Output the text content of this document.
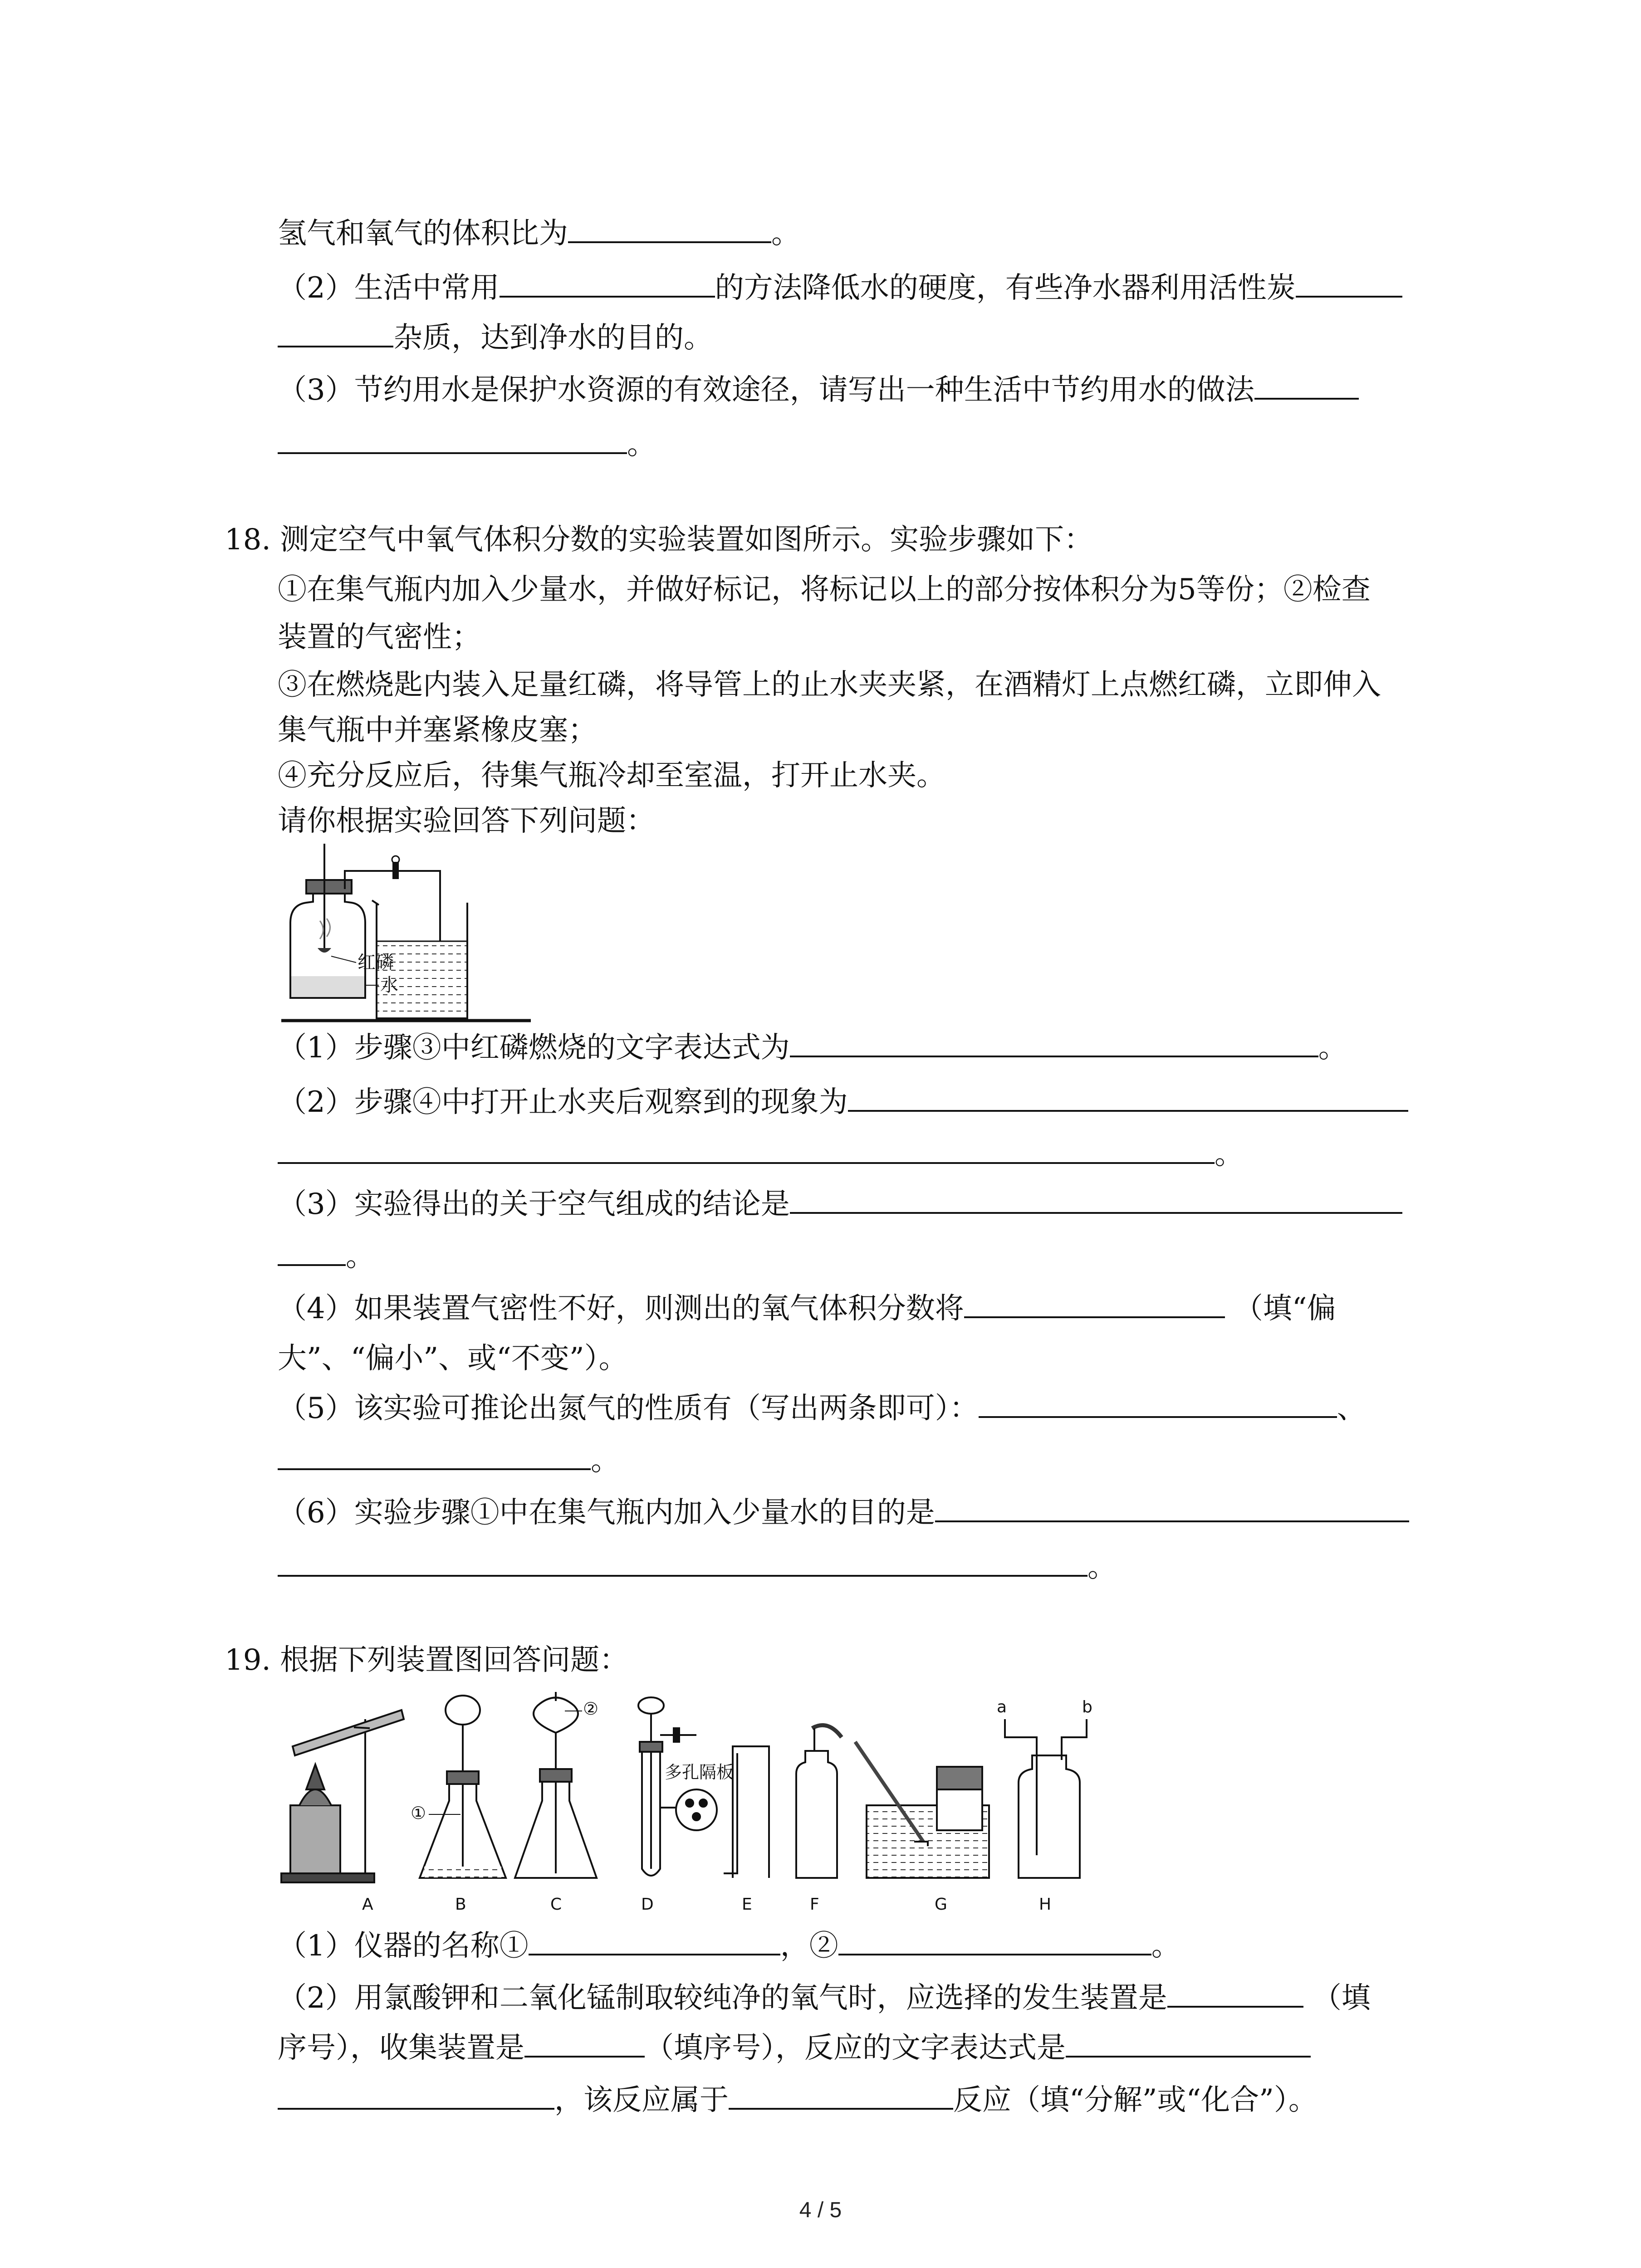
氢气和氧气的体积比为	。
（2）生活中常用	的方法降低水的硬度，有些净水器利用活性炭
杂质，达到净水的目的。
（3）节约用水是保护水资源的有效途径，请写出一种生活中节约用水的做法
。
18. 测定空气中氧气体积分数的实验装置如图所示。实验步骤如下：
①在集气瓶内加入少量水，并做好标记，将标记以上的部分按体积分为5等份；②检查
装置的气密性；
③在燃烧匙内装入足量红磷，将导管上的止水夹夹紧，在酒精灯上点燃红磷，立即伸入
集气瓶中并塞紧橡皮塞；
④充分反应后，待集气瓶冷却至室温，打开止水夹。
请你根据实验回答下列问题：
红磷
水
（1）步骤③中红磷燃烧的文字表达式为	。
（2）步骤④中打开止水夹后观察到的现象为
。
（3）实验得出的关于空气组成的结论是
。
（4）如果装置气密性不好，则测出的氧气体积分数将	（填“偏
大”、“偏小”、或“不变”）。
（5）该实验可推论出氮气的性质有（写出两条即可）：	、
。
（6）实验步骤①中在集气瓶内加入少量水的目的是
。
19. 根据下列装置图回答问题：
①
②
多孔隔板
a	b
A	B	C	D	E	F	G	H
（1）仪器的名称①	，②	。
（2）用氯酸钾和二氧化锰制取较纯净的氧气时，应选择的发生装置是	（填
序号），收集装置是	（填序号），反应的文字表达式是
，该反应属于	反应（填“分解”或“化合”）。
4 / 5
